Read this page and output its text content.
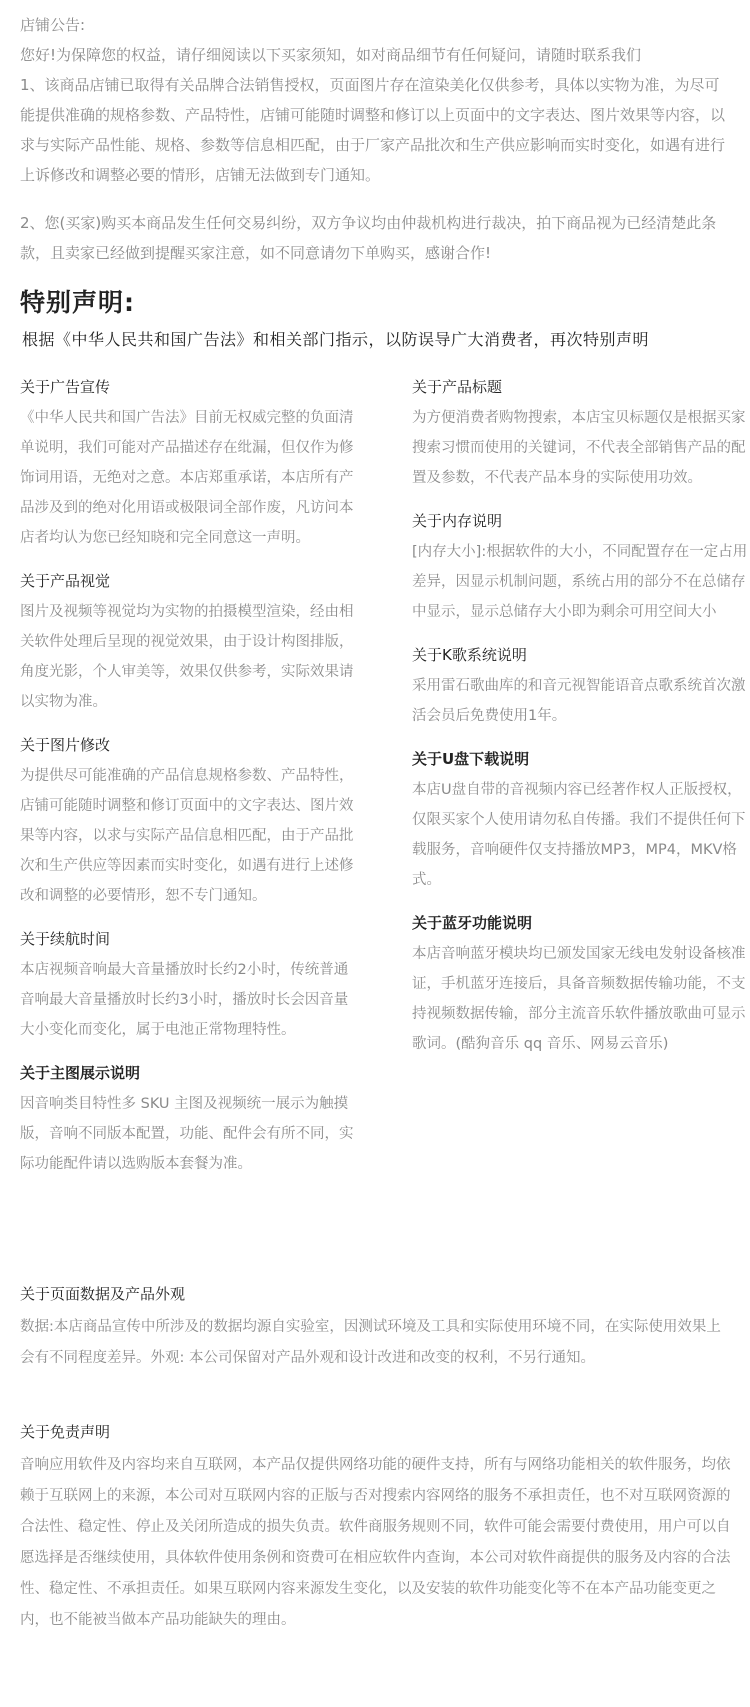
店铺公告:

您好!为保障您的权益，请仔细阅读以下买家须知，如对商品细节有任何疑问，请随时联系我们

1、该商品店铺已取得有关品牌合法销售授权，页面图片存在渲染美化仅供参考，具体以实物为准，为尽可能提供准确的规格参数、产品特性，店铺可能随时调整和修订以上页面中的文字表达、图片效果等内容，以求与实际产品性能、规格、参数等信息相匹配，由于厂家产品批次和生产供应影响而实时变化，如遇有进行上诉修改和调整必要的情形，店铺无法做到专门通知。

2、您(买家)购买本商品发生任何交易纠纷，双方争议均由仲裁机构进行裁决，拍下商品视为已经清楚此条款，且卖家已经做到提醒买家注意，如不同意请勿下单购买，感谢合作!

特别声明:
根据《中华人民共和国广告法》和相关部门指示，以防误导广大消费者，再次特别声明
关于广告宣传

《中华人民共和国广告法》目前无权威完整的负面清单说明，我们可能对产品描述存在纰漏，但仅作为修饰词用语，无绝对之意。本店郑重承诺，本店所有产品涉及到的绝对化用语或极限词全部作废，凡访问本店者均认为您已经知晓和完全同意这一声明。

关于产品视觉

图片及视频等视觉均为实物的拍摄模型渲染，经由相关软件处理后呈现的视觉效果，由于设计构图排版，角度光影，个人审美等，效果仅供参考，实际效果请以实物为准。

关于图片修改

为提供尽可能准确的产品信息规格参数、产品特性，店铺可能随时调整和修订页面中的文字表达、图片效果等内容，以求与实际产品信息相匹配，由于产品批次和生产供应等因素而实时变化，如遇有进行上述修改和调整的必要情形，恕不专门通知。

关于续航时间

本店视频音响最大音量播放时长约2小时，传统普通音响最大音量播放时长约3小时，播放时长会因音量大小变化而变化，属于电池正常物理特性。

关于主图展示说明

因音响类目特性多 SKU 主图及视频统一展示为触摸版，音响不同版本配置，功能、配件会有所不同，实际功能配件请以选购版本套餐为准。

关于产品标题

为方便消费者购物搜索，本店宝贝标题仅是根据买家搜索习惯而使用的关键词，不代表全部销售产品的配置及参数，不代表产品本身的实际使用功效。

关于内存说明

[内存大小]:根据软件的大小，不同配置存在一定占用差异，因显示机制问题，系统占用的部分不在总储存中显示，显示总储存大小即为剩余可用空间大小

关于K歌系统说明

采用雷石歌曲库的和音元视智能语音点歌系统首次激活会员后免费使用1年。

关于U盘下载说明

本店U盘自带的音视频内容已经著作权人正版授权，仅限买家个人使用请勿私自传播。我们不提供任何下载服务，音响硬件仅支持播放MP3，MP4，MKV格式。

关于蓝牙功能说明

本店音响蓝牙模块均已颁发国家无线电发射设备核准证，手机蓝牙连接后，具备音频数据传输功能，不支持视频数据传输，部分主流音乐软件播放歌曲可显示歌词。(酷狗音乐 qq 音乐、网易云音乐)

关于页面数据及产品外观

数据:本店商品宣传中所涉及的数据均源自实验室，因测试环境及工具和实际使用环境不同，在实际使用效果上会有不同程度差异。外观: 本公司保留对产品外观和设计改进和改变的权利，不另行通知。

关于免责声明

音响应用软件及内容均来自互联网，本产品仅提供网络功能的硬件支持，所有与网络功能相关的软件服务，均依赖于互联网上的来源，本公司对互联网内容的正版与否对搜索内容网络的服务不承担责任，也不对互联网资源的合法性、稳定性、停止及关闭所造成的损失负责。软件商服务规则不同，软件可能会需要付费使用，用户可以自愿选择是否继续使用，具体软件使用条例和资费可在相应软件内查询，本公司对软件商提供的服务及内容的合法性、稳定性、不承担责任。如果互联网内容来源发生变化，以及安装的软件功能变化等不在本产品功能变更之内，也不能被当做本产品功能缺失的理由。
